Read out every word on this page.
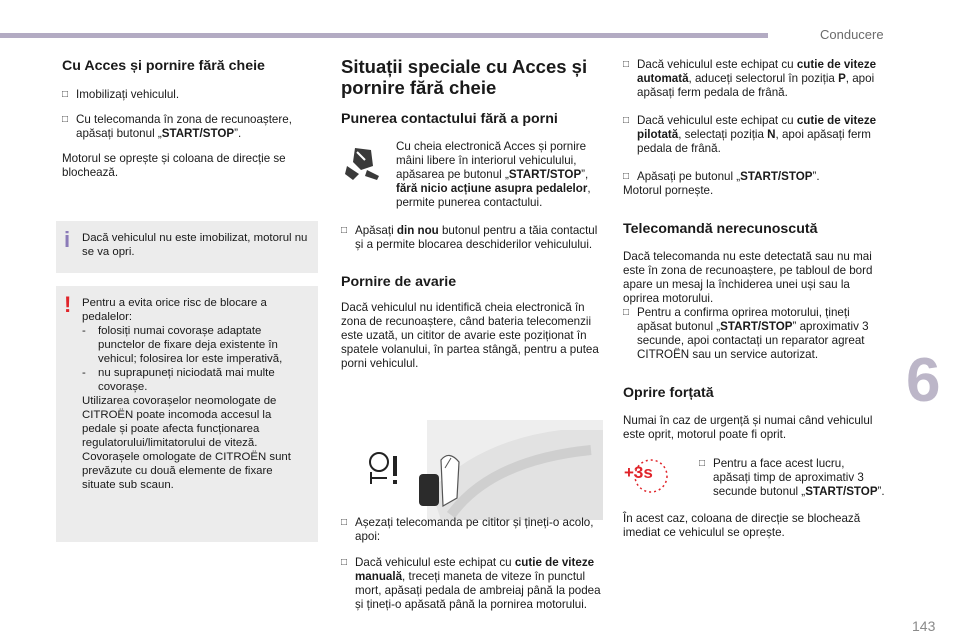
Conducere
6
143

Cu Acces și pornire fără cheie

□ Imobilizați vehiculul.
□ Cu telecomanda în zona de recunoaștere, apăsați butonul „START/STOP”.

Motorul se oprește și coloana de direcție se blochează.

i Dacă vehiculul nu este imobilizat, motorul nu se va opri.

! Pentru a evita orice risc de blocare a pedalelor:

-	folosiți numai covorașe adaptate punctelor de fixare deja existente în vehicul; folosirea lor este imperativă,
-	nu suprapuneți niciodată mai multe covorașe.

Utilizarea covorașelor neomologate de CITROËN poate incomoda accesul la pedale și poate afecta funcționarea regulatorului/limitatorului de viteză.

Covorașele omologate de CITROËN sunt prevăzute cu două elemente de fixare situate sub scaun.

Situații speciale cu Acces și pornire fără cheie

Punerea contactului fără a porni

Cu cheia electronică Acces și pornire mâini libere în interiorul vehiculului, apăsarea pe butonul „START/STOP”, fără nicio acțiune asupra pedalelor, permite punerea contactului.

□ Apăsați din nou butonul pentru a tăia contactul și a permite blocarea deschiderilor vehiculului.

Pornire de avarie

Dacă vehiculul nu identifică cheia electronică în zona de recunoaștere, când bateria telecomenzii este uzată, un cititor de avarie este poziționat în spatele volanului, în partea stângă, pentru a putea porni vehiculul.

□ Așezați telecomanda pe cititor și țineți-o acolo, apoi:
□ Dacă vehiculul este echipat cu cutie de viteze manuală, treceți maneta de viteze în punctul mort, apăsați pedala de ambreiaj până la podea și țineți-o apăsată până la pornirea motorului.
□ Dacă vehiculul este echipat cu cutie de viteze automată, aduceți selectorul în poziția P, apoi apăsați ferm pedala de frână.
□ Dacă vehiculul este echipat cu cutie de viteze pilotată, selectați poziția N, apoi apăsați ferm pedala de frână.
□ Apăsați pe butonul „START/STOP”.

Motorul pornește.

Telecomandă nerecunoscută

Dacă telecomanda nu este detectată sau nu mai este în zona de recunoaștere, pe tabloul de bord apare un mesaj la închiderea unei uși sau la oprirea motorului.

□ Pentru a confirma oprirea motorului, țineți apăsat butonul „START/STOP” aproximativ 3 secunde, apoi contactați un reparator agreat CITROËN sau un service autorizat.

Oprire forțată

Numai în caz de urgență și numai când vehiculul este oprit, motorul poate fi oprit.

+3s	□ Pentru a face acest lucru, apăsați timp de aproximativ 3 secunde butonul „START/STOP”.

În acest caz, coloana de direcție se blochează imediat ce vehiculul se oprește.
